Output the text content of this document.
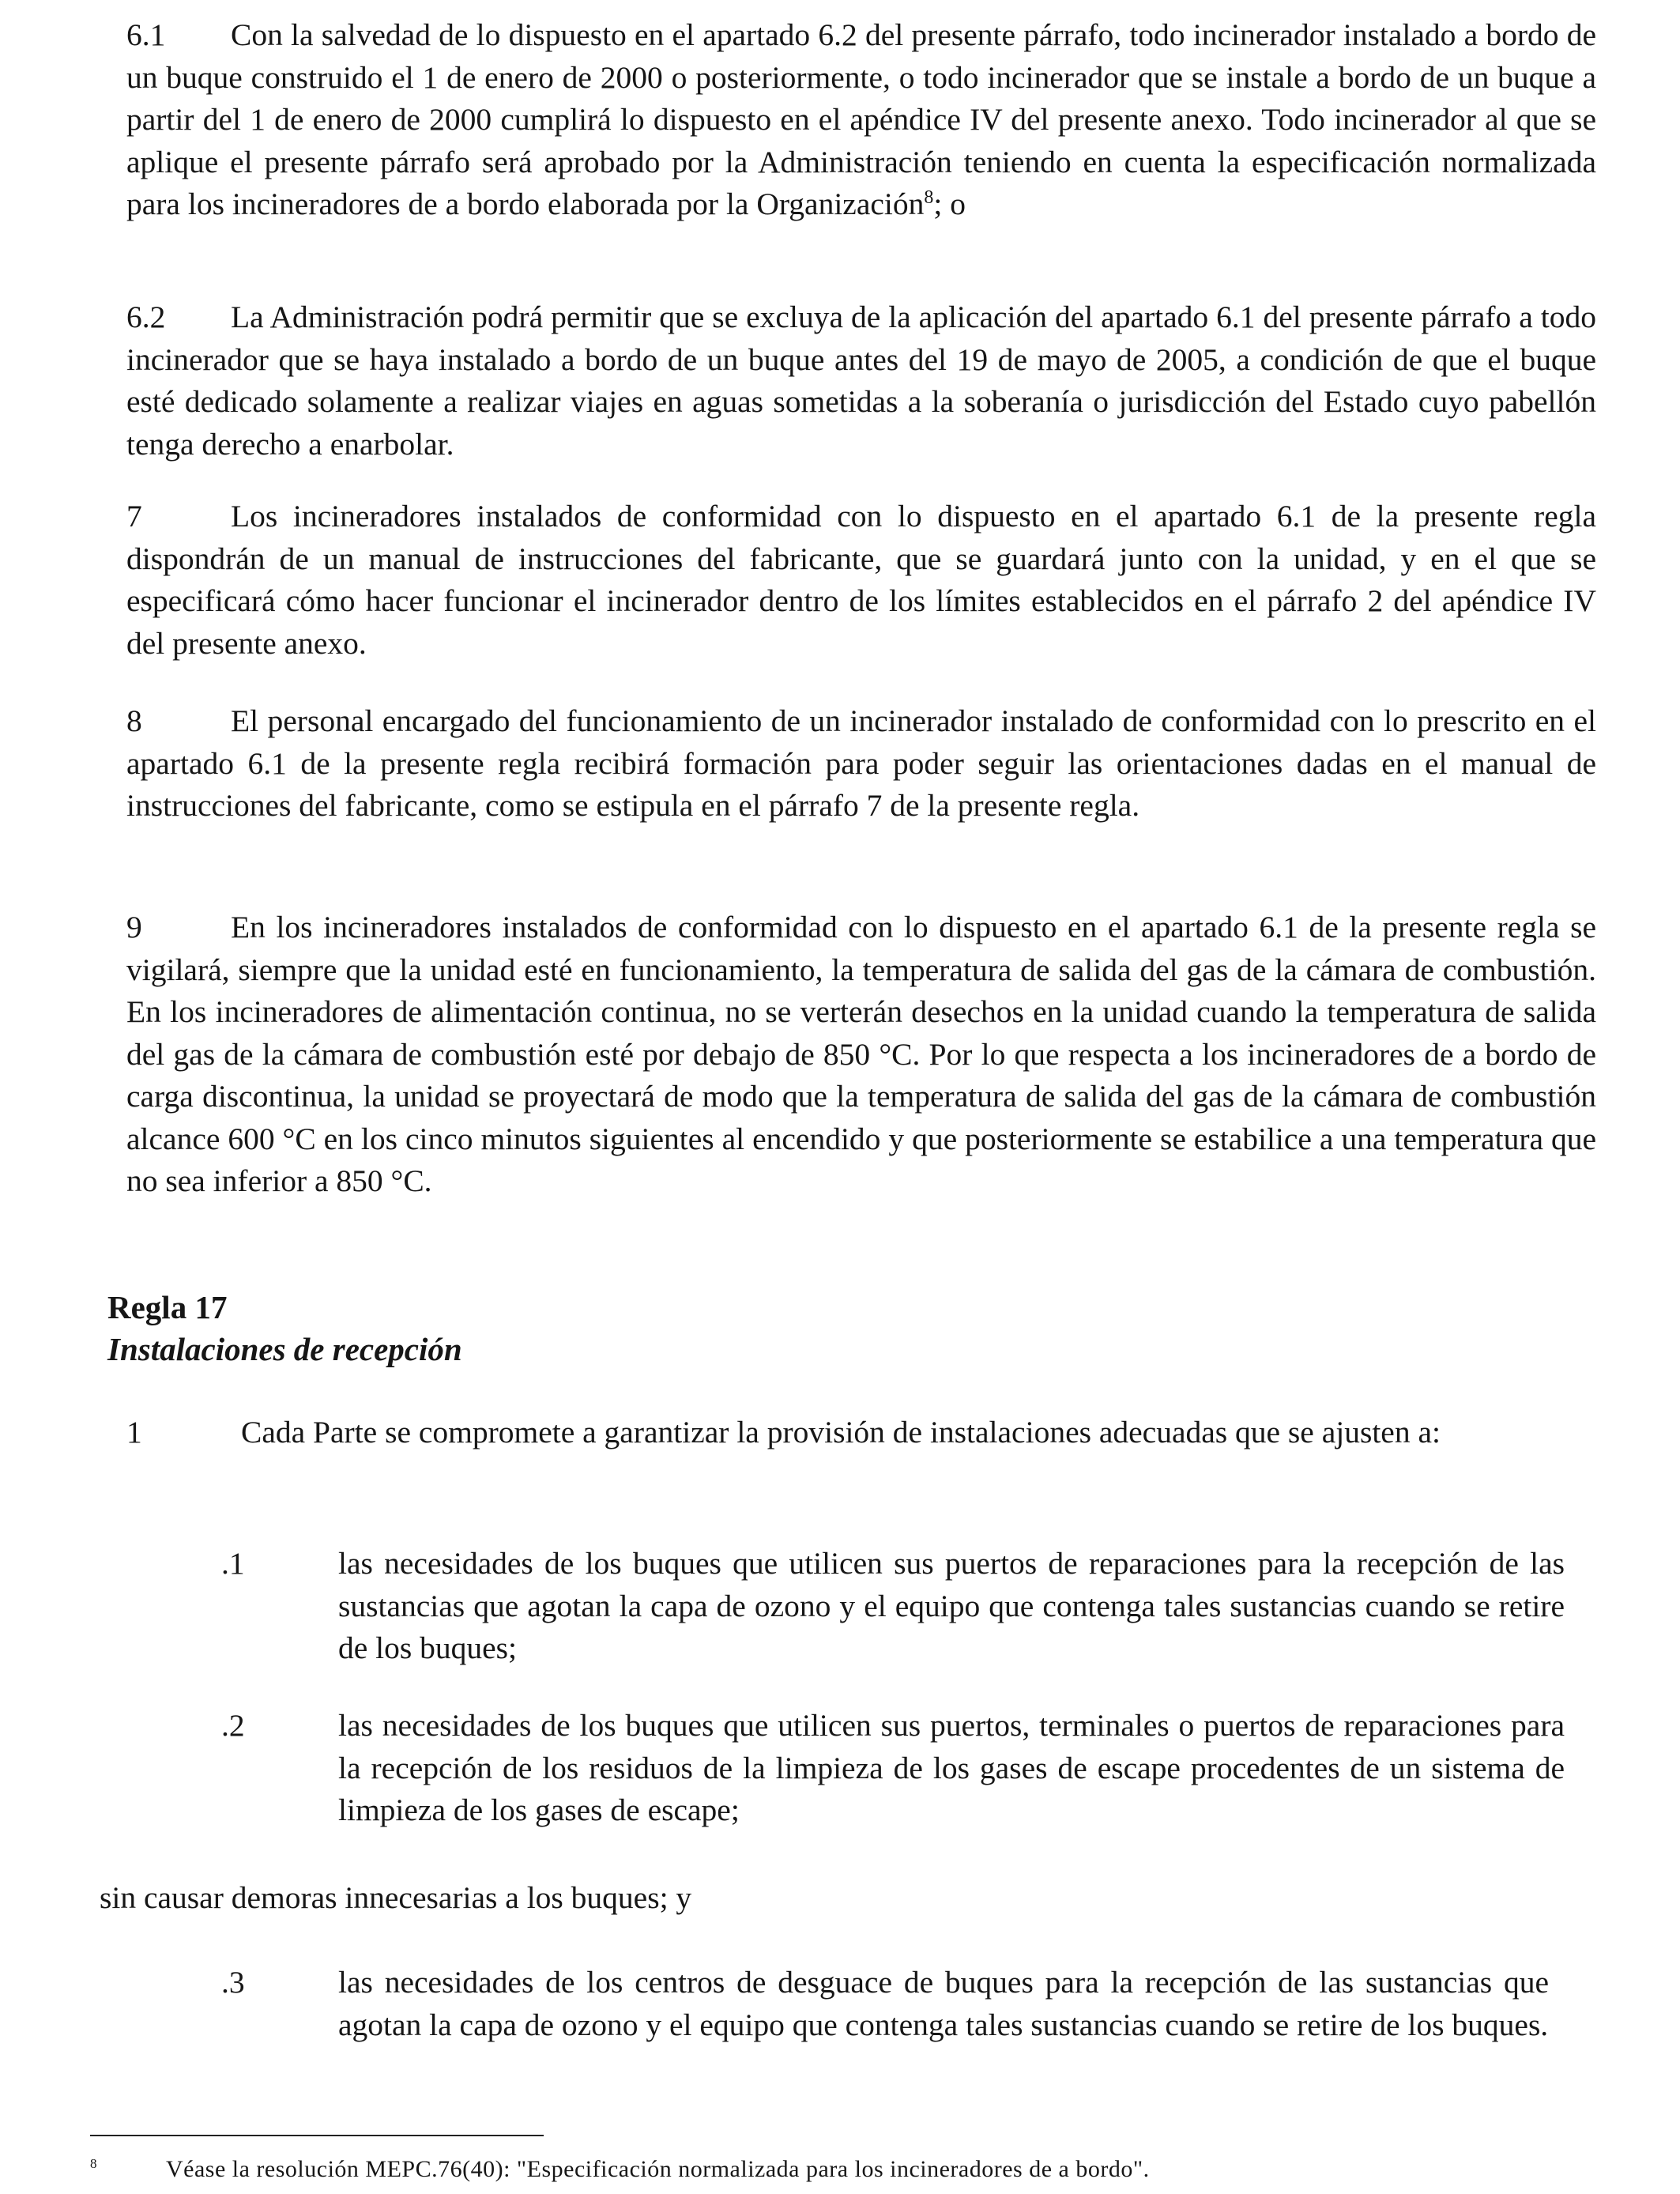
6.1 Con la salvedad de lo dispuesto en el apartado 6.2 del presente párrafo, todo incinerador instalado a bordo de un buque construido el 1 de enero de 2000 o posteriormente, o todo incinerador que se instale a bordo de un buque a partir del 1 de enero de 2000 cumplirá lo dispuesto en el apéndice IV del presente anexo. Todo incinerador al que se aplique el presente párrafo será aprobado por la Administración teniendo en cuenta la especificación normalizada para los incineradores de a bordo elaborada por la Organización$^8$; o

6.2 La Administración podrá permitir que se excluya de la aplicación del apartado 6.1 del presente párrafo a todo incinerador que se haya instalado a bordo de un buque antes del 19 de mayo de 2005, a condición de que el buque esté dedicado solamente a realizar viajes en aguas sometidas a la soberanía o jurisdicción del Estado cuyo pabellón tenga derecho a enarbolar.

7	Los incineradores instalados de conformidad con lo dispuesto en el apartado 6.1 de la presente regla dispondrán de un manual de instrucciones del fabricante, que se guardará junto con la unidad, y en el que se especificará cómo hacer funcionar el incinerador dentro de los límites establecidos en el párrafo 2 del apéndice IV del presente anexo.

8	El personal encargado del funcionamiento de un incinerador instalado de conformidad con lo prescrito en el apartado 6.1 de la presente regla recibirá formación para poder seguir las orientaciones dadas en el manual de instrucciones del fabricante, como se estipula en el párrafo 7 de la presente regla.

9	En los incineradores instalados de conformidad con lo dispuesto en el apartado 6.1 de la presente regla se vigilará, siempre que la unidad esté en funcionamiento, la temperatura de salida del gas de la cámara de combustión. En los incineradores de alimentación continua, no se verterán desechos en la unidad cuando la temperatura de salida del gas de la cámara de combustión esté por debajo de 850 °C. Por lo que respecta a los incineradores de a bordo de carga discontinua, la unidad se proyectará de modo que la temperatura de salida del gas de la cámara de combustión alcance 600 °C en los cinco minutos siguientes al encendido y que posteriormente se estabilice a una temperatura que no sea inferior a 850 °C.

Regla 17

Instalaciones de recepción

1	Cada Parte se compromete a garantizar la provisión de instalaciones adecuadas que se ajusten a:

.1	las necesidades de los buques que utilicen sus puertos de reparaciones para la recepción de las sustancias que agotan la capa de ozono y el equipo que contenga tales sustancias cuando se retire de los buques;
.2	las necesidades de los buques que utilicen sus puertos, terminales o puertos de reparaciones para la recepción de los residuos de la limpieza de los gases de escape procedentes de un sistema de limpieza de los gases de escape;

sin causar demoras innecesarias a los buques; y

.3	las necesidades de los centros de desguace de buques para la recepción de las sustancias que agotan la capa de ozono y el equipo que contenga tales sustancias cuando se retire de los buques.

8	Véase la resolución MEPC.76(40): "Especificación normalizada para los incineradores de a bordo".
